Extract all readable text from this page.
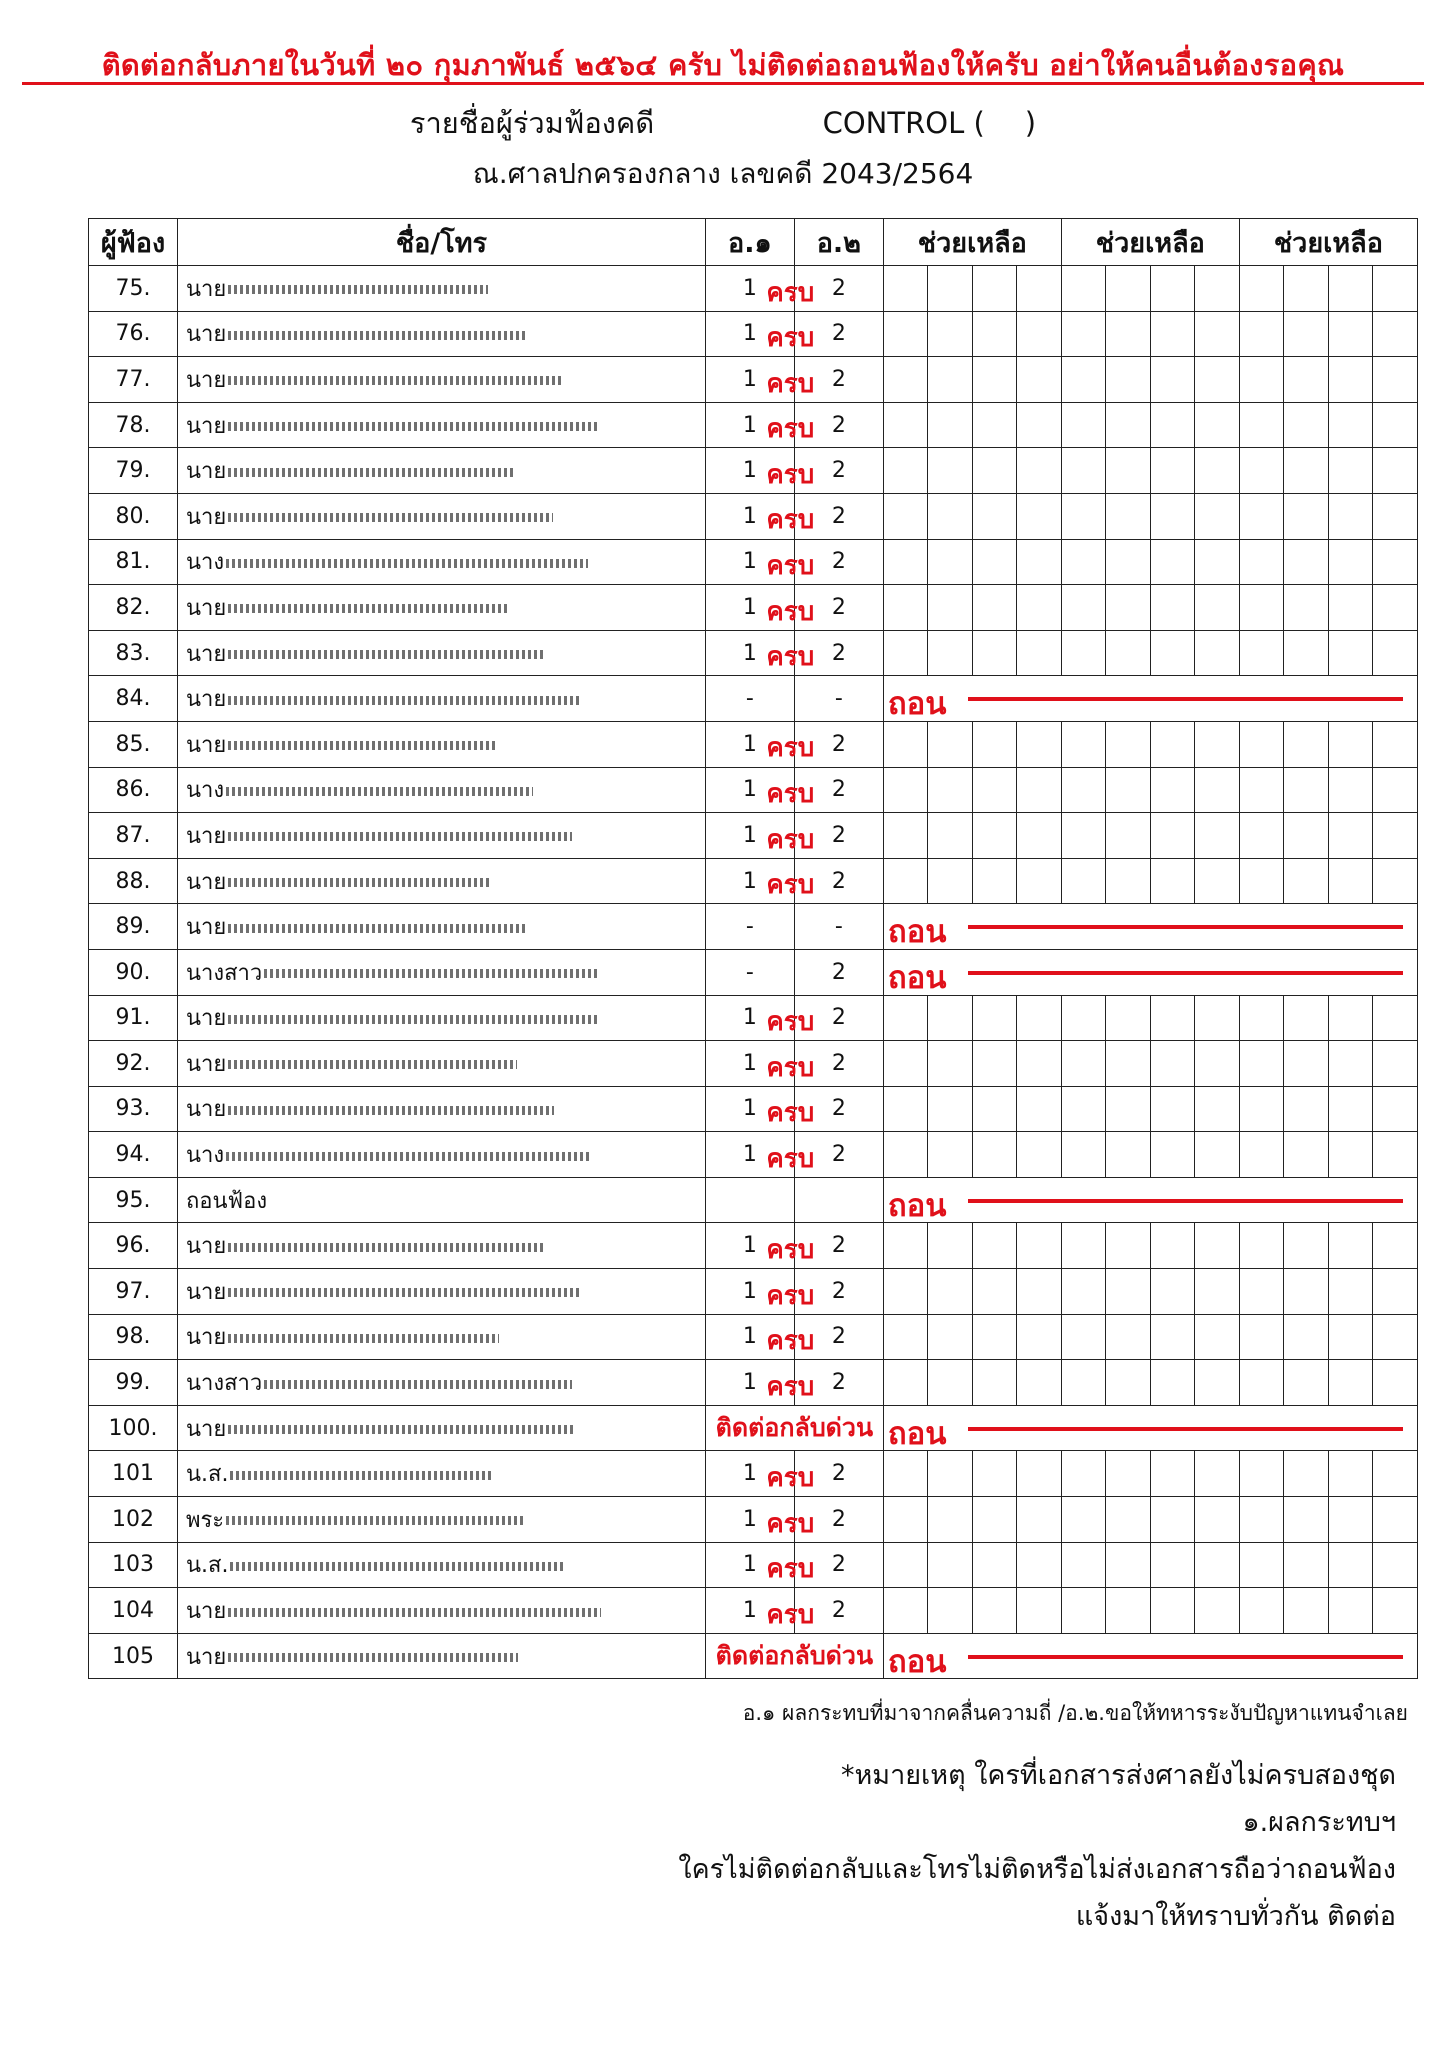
ติดต่อกลับภายในวันที่ ๒๐ กุมภาพันธ์ ๒๕๖๔ ครับ ไม่ติดต่อถอนฟ้องให้ครับ อย่าให้คนอื่นต้องรอคุณ
รายชื่อผู้ร่วมฟ้องคดี	CONTROL ( )
ณ.ศาลปกครองกลาง เลขคดี 2043/2564
ผู้ฟ้อง	ชื่อ/โทร	อ.๑	อ.๒	ช่วยเหลือ				ช่วยเหลือ				ช่วยเหลือ			
75.	นาย	1	2												
76.	นาย	1	2												
77.	นาย	1	2												
78.	นาย	1	2												
79.	นาย	1	2												
80.	นาย	1	2												
81.	นาง	1	2												
82.	นาย	1	2												
83.	นาย	1	2												
84.	นาย	-	-	ถอน											

85.	นาย	1	2												
86.	นาง	1	2												
87.	นาย	1	2												
88.	นาย	1	2												
89.	นาย	-	-	ถอน											

90.	นางสาว	-	2	ถอน											

91.	นาย	1	2												
92.	นาย	1	2												
93.	นาย	1	2												
94.	นาง	1	2												
95.	ถอนฟ้อง			ถอน											

96.	นาย	1	2												
97.	นาย	1	2												
98.	นาย	1	2												
99.	นางสาว	1	2												
100.	นาย	ติดต่อกลับด่วน		ถอน											

101	น.ส.	1	2												
102	พระ	1	2												
103	น.ส.	1	2												
104	นาย	1	2												
105	นาย	ติดต่อกลับด่วน		ถอน											
อ.๑ ผลกระทบที่มาจากคลื่นความถี่ /อ.๒.ขอให้ทหารระงับปัญหาแทนจำเลย
*หมายเหตุ ใครที่เอกสารส่งศาลยังไม่ครบสองชุด
๑.ผลกระทบฯ
ใครไม่ติดต่อกลับและโทรไม่ติดหรือไม่ส่งเอกสารถือว่าถอนฟ้อง
แจ้งมาให้ทราบทั่วกัน ติดต่อ
ครบ
ครบ
ครบ
ครบ
ครบ
ครบ
ครบ
ครบ
ครบ
ครบ
ครบ
ครบ
ครบ
ครบ
ครบ
ครบ
ครบ
ครบ
ครบ
ครบ
ครบ
ครบ
ครบ
ครบ
ครบ
